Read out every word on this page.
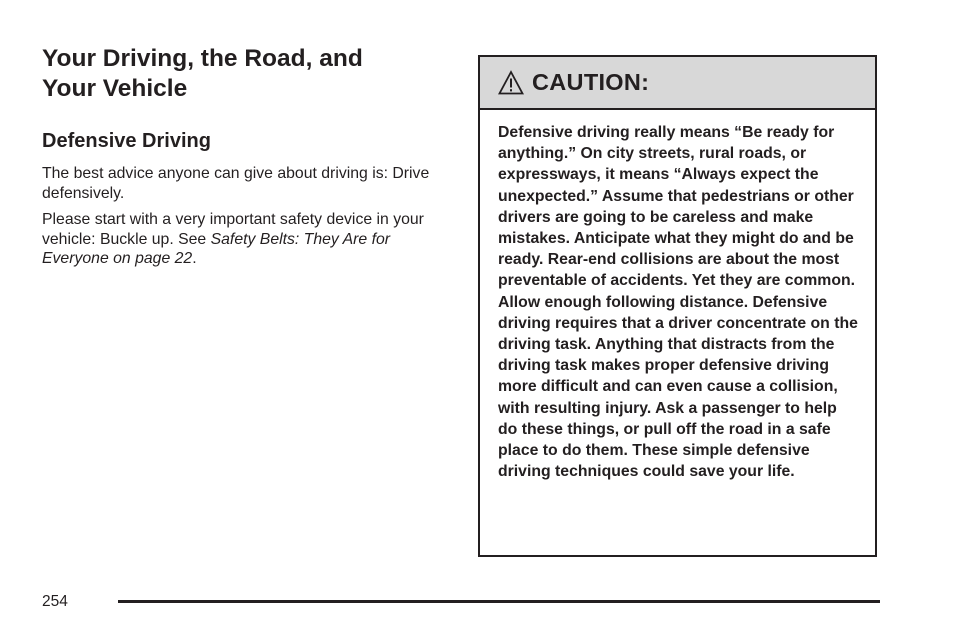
Your Driving, the Road, and
Your Vehicle
Defensive Driving

The best advice anyone can give about driving is: Drive defensively.

Please start with a very important safety device in your vehicle: Buckle up. See Safety Belts: They Are for Everyone on page 22.

CAUTION:
Defensive driving really means “Be ready for anything.” On city streets, rural roads, or expressways, it means “Always expect the unexpected.” Assume that pedestrians or other drivers are going to be careless and make mistakes. Anticipate what they might do and be ready. Rear-end collisions are about the most preventable of accidents. Yet they are common. Allow enough following distance. Defensive driving requires that a driver concentrate on the driving task. Anything that distracts from the driving task makes proper defensive driving more difficult and can even cause a collision, with resulting injury. Ask a passenger to help do these things, or pull off the road in a safe place to do them. These simple defensive driving techniques could save your life.
254
